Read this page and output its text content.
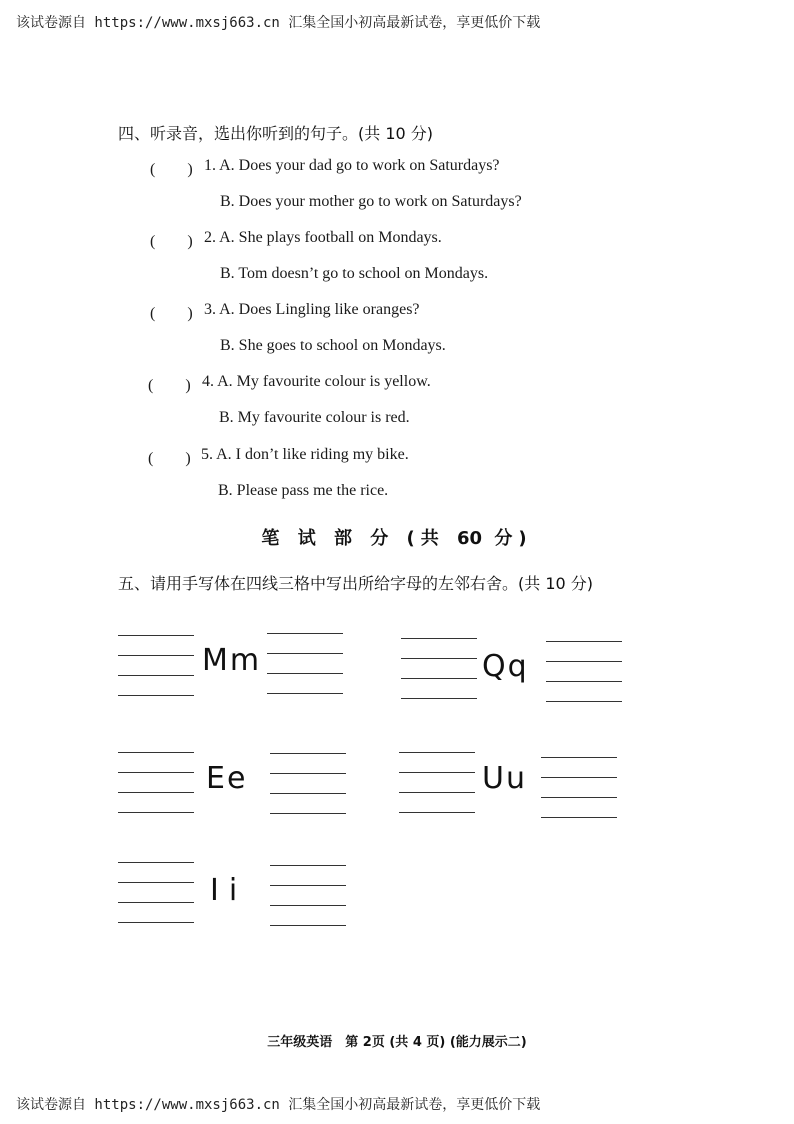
该试卷源自 https://www.mxsj663.cn 汇集全国小初高最新试卷，享更低价下载
该试卷源自 https://www.mxsj663.cn 汇集全国小初高最新试卷，享更低价下载
四、听录音，选出你听到的句子。(共 10 分)
(　　) 1. A. Does your dad go to work on Saturdays?
B. Does your mother go to work on Saturdays?
(　　) 2. A. She plays football on Mondays.
B. Tom doesn’t go to school on Mondays.
(　　) 3. A. Does Lingling like oranges?
B. She goes to school on Mondays.
(　　) 4. A. My favourite colour is yellow.
B. My favourite colour is red.
(　　) 5. A. I don’t like riding my bike.
B. Please pass me the rice.
笔 试 部 分 (共 60 分)
五、请用手写体在四线三格中写出所给字母的左邻右舍。(共 10 分)
Mm	Qq
Ee	Uu
Ii
三年级英语　第 2页 (共 4 页) (能力展示二)
